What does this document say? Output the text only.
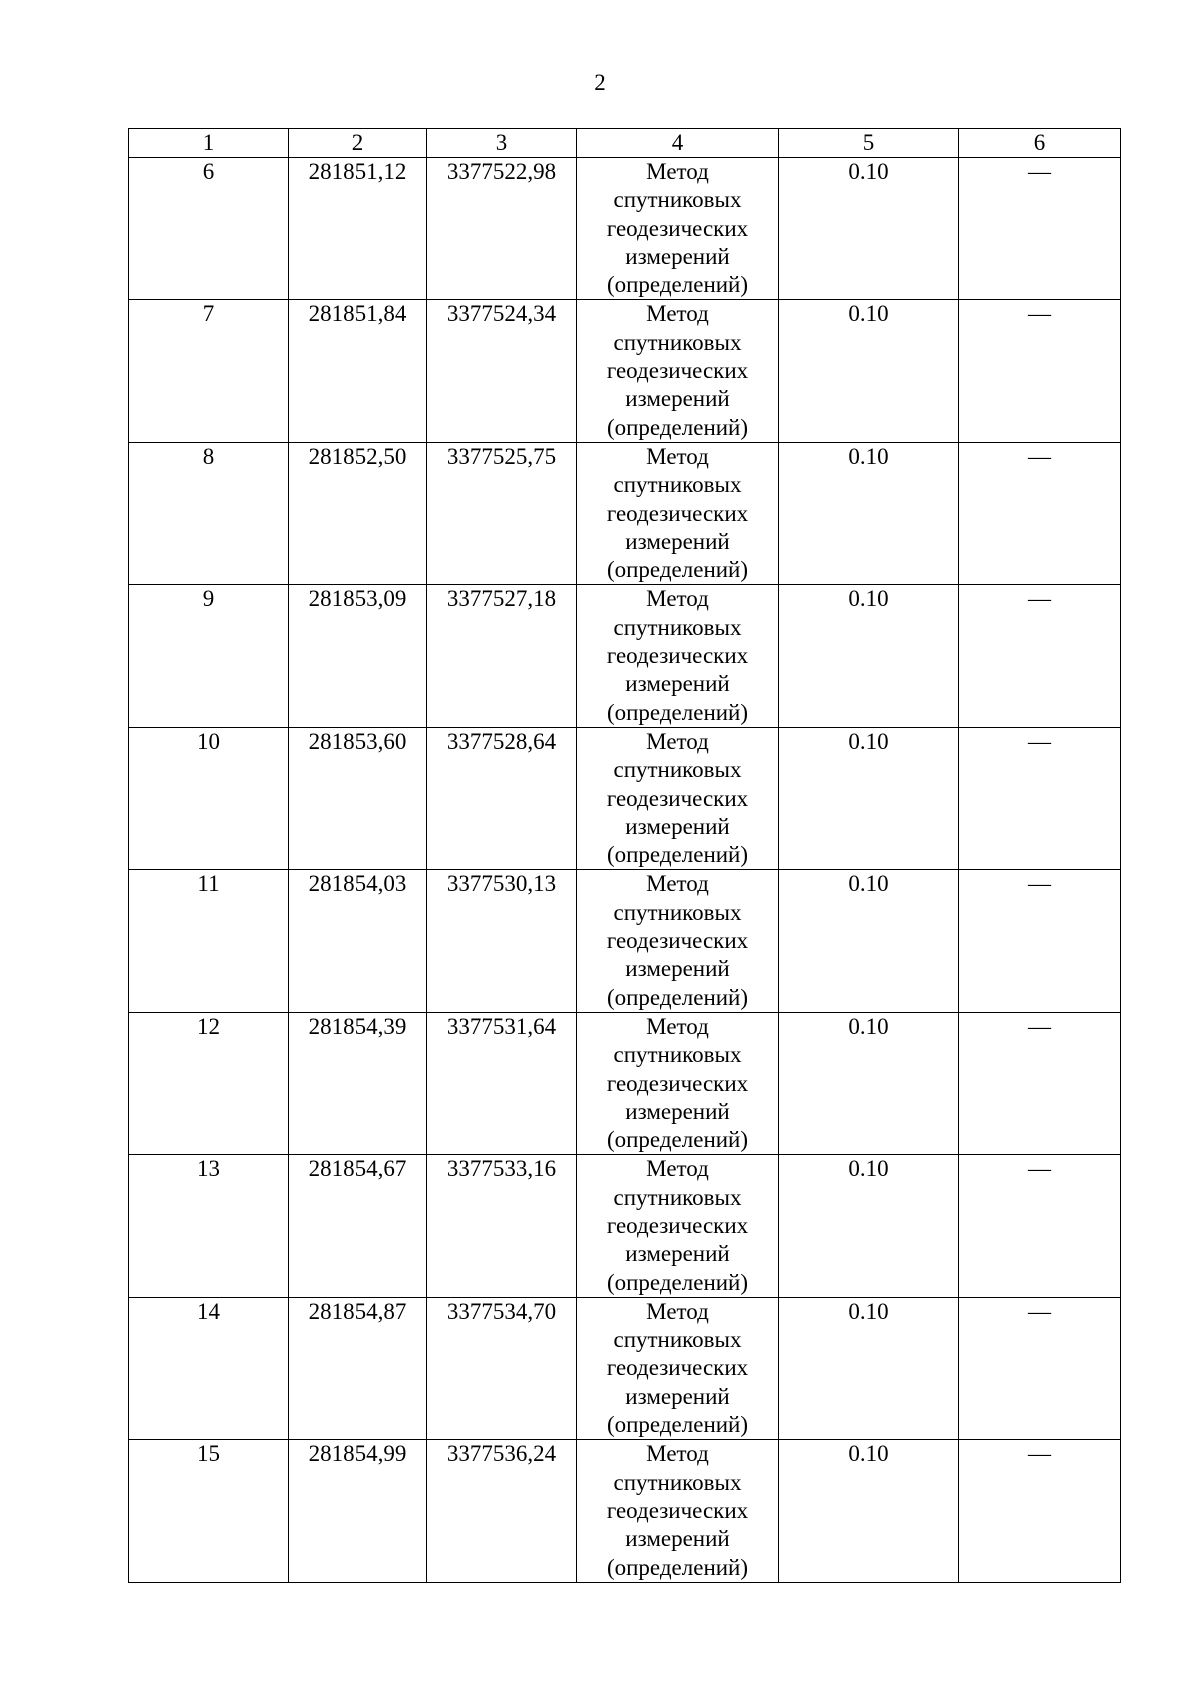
2
1	2	3	4	5	6
6	281851,12	3377522,98	Метод
спутниковых
геодезических
измерений
(определений)	0.10	—
7	281851,84	3377524,34	Метод
спутниковых
геодезических
измерений
(определений)	0.10	—
8	281852,50	3377525,75	Метод
спутниковых
геодезических
измерений
(определений)	0.10	—
9	281853,09	3377527,18	Метод
спутниковых
геодезических
измерений
(определений)	0.10	—
10	281853,60	3377528,64	Метод
спутниковых
геодезических
измерений
(определений)	0.10	—
11	281854,03	3377530,13	Метод
спутниковых
геодезических
измерений
(определений)	0.10	—
12	281854,39	3377531,64	Метод
спутниковых
геодезических
измерений
(определений)	0.10	—
13	281854,67	3377533,16	Метод
спутниковых
геодезических
измерений
(определений)	0.10	—
14	281854,87	3377534,70	Метод
спутниковых
геодезических
измерений
(определений)	0.10	—
15	281854,99	3377536,24	Метод
спутниковых
геодезических
измерений
(определений)	0.10	—
